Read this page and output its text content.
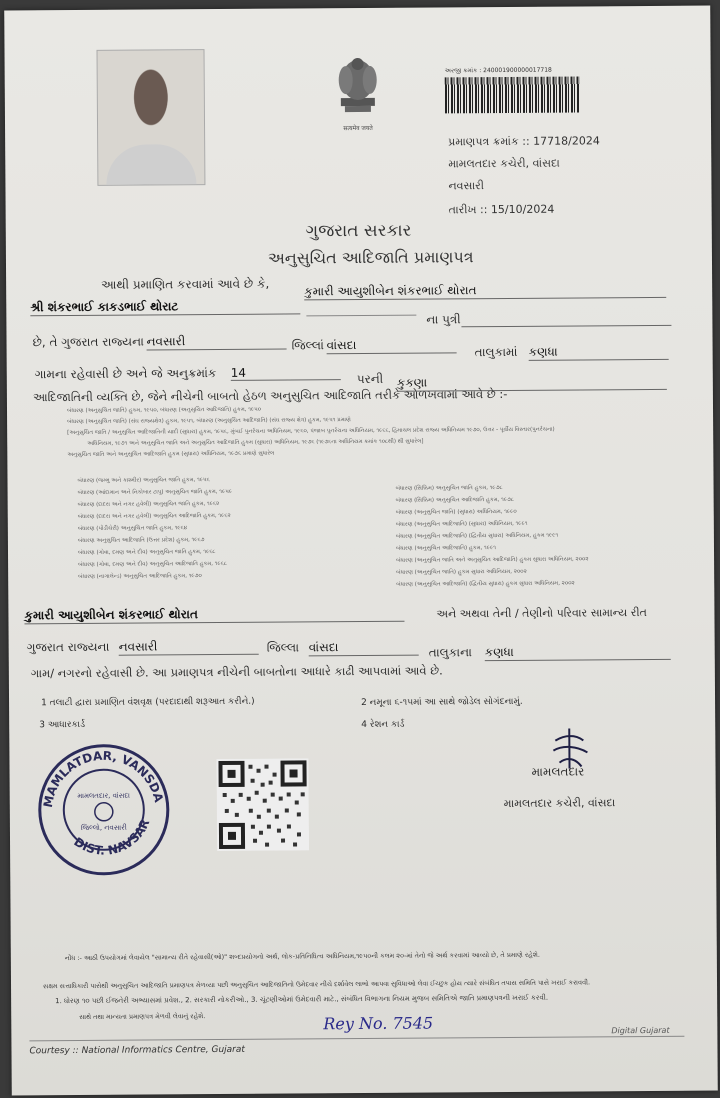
सत्यमेव जयते
અરજી ક્રમાંક : 240001900000017718
પ્રમાણપત્ર ક્રમાંક :: 17718/2024
મામલતદાર કચેરી, વાંસદા
નવસારી
તારીખ :: 15/10/2024
ગુજરાત સરકાર
અનુસુચિત આદિજાતિ પ્રમાણપત્ર
આથી પ્રમાણિત કરવામાં આવે છે કે,	કુમારી આયુશીબેન શંકરભાઈ થોરાત
શ્રી શંકરભાઈ કાકડભાઈ થોરાટ
ના પુત્રી
છે, તે ગુજરાત રાજ્યના નવસારી	જિલ્લાં વાંસદા	તાલુકામાં કણધા
ગામના રહેવાસી છે અને જે અનુક્રમાંક 14	પરની કુકણા
આદિજાતિની વ્યક્તિ છે, જેને નીચેની બાબતો હેઠળ અનુસુચિત આદિજાતિ તરીકે ઓળખવામાં આવે છે :-
બંધારણ (અનુસુચિત જાતિ) હુકમ, ૧૯૫૦, બંધારણ (અનુસુચિત આદિજાતિ) હુકમ, ૧૯૫૦
બંધારણ (અનુસુચિત જાતિ) (સંઘ રાજ્યક્ષેત્ર) હુકમ, ૧૯૫૧, બંધારણ (અનુસુચિત આદિજાતિ) (સંઘ રાજ્ય ક્ષેત્ર) હુકમ, ૧૯૫૧ પ્રમાણે
[અનુસુચિત જાતિ / અનુસુચિત આદિજાતિની યાદી (સુધારા) હુકમ, ૧૯૫૬, મુંબઈ પુનર્રચના અધિનિયમ, ૧૯૬૦, પંજાબ પુનર્રચના અધિનિયમ, ૧૯૬૬, હિમાચલ પ્રદેશ રાજ્ય અધિનિયમ ૧૯૭૦, ઉત્તર - પૂર્વીય વિસ્તાર(પુનર્રચના)
અધિનિયમ, ૧૯૭૧ અને અનુસુચિત જાતિ અને અનુસુચિત આદિજાતિ હુકમ (સુધારા) અધિનિયમ, ૧૯૭૬ (૧૯૭૬ના અધિનિયમ ક્રમાંક ૧૦૮થી) થી સુધારેલ]
અનુસુચિત જાતિ અને અનુસુચિત આદિજાતિ હુકમ (સુધારા) અધિનિયમ, ૧૯૭૬ પ્રમાણે સુધારેલ
બંધારણ (જમ્મુ અને કાશ્મીર) અનુસુચિત જાતિ હુકમ, ૧૯૫૬
બંધારણ (આંદામાન અને નિકોબાર ટાપુ) અનુસુચિત જાતિ હુકમ, ૧૯૫૯
બંધારણ (દાદરા અને નગર હવેલી) અનુસુચિત જાતિ હુકમ, ૧૯૬૨
બંધારણ (દાદરા અને નગર હવેલી) અનુસુચિત આદિજાતિ હુકમ, ૧૯૬૨
બંધારણ (પોંડીચેરી) અનુસુચિત જાતિ હુકમ, ૧૯૬૪
બંધારણ અનુસુચિત આદિજાતિ (ઉત્તર પ્રદેશ) હુકમ, ૧૯૬૭
બંધારણ (ગોવા, દમણ અને દીવ) અનુસુચિત જાતિ હુકમ, ૧૯૬૮
બંધારણ (ગોવા, દમણ અને દીવ) અનુસુચિત આદિજાતિ હુકમ, ૧૯૬૮
બંધારણ (નાગાલેન્ડ) અનુસુચિત આદિજાતિ હુકમ, ૧૯૭૦
બંધારણ (સિક્કિમ) અનુસુચિત જાતિ હુકમ, ૧૯૭૮
બંધારણ (સિક્કિમ) અનુસુચિત આદિજાતિ હુકમ, ૧૯૭૮
બંધારણ (અનુસુચિત જાતિ) (સુધારા) અધિનિયમ, ૧૯૯૦
બંધારણ (અનુસુચિત આદિજાતિ) (સુધારા) અધિનિયમ, ૧૯૯૧
બંધારણ (અનુસુચિત આદિજાતિ) (દ્વિતીય સુધારા) અધિનિયમ, હુકમ ૧૯૯૧
બંધારણ (અનુસુચિત આદિજાતિ) હુકમ, ૧૯૯૧
બંધારણ (અનુસુચિત જાતિ અને અનુસુચિત આદિજાતિ) હુકમ સુધારા અધિનિયમ, ૨૦૦૨
બંધારણ (અનુસુચિત જાતિ) હુકમ સુધારા અધિનિયમ, ૨૦૦૨
બંધારણ (અનુસુચિત આદિજાતિ) (દ્વિતીય સુધારા) હુકમ સુધારા અધિનિયમ, ૨૦૦૨
કુમારી આયુશીબેન શંકરભાઈ થોરાત	અને અથવા તેની / તેણીનો પરિવાર સામાન્ય રીત
ગુજરાત રાજ્યના નવસારી	જિલ્લા વાંસદા	તાલુકાના કણધા
ગામ/ નગરનો રહેવાસી છે. આ પ્રમાણપત્ર નીચેની બાબતોના આધારે કાઢી આપવામાં આવે છે.
1 તલાટી દ્વારા પ્રમાણિત વંશવૃક્ષ (પરદાદાથી શરૂઆત કરીને.)	2 નમૂના ૬-૧૫માં આ સાથે જોડેલ સોગંદનામું.
3 આધારકાર્ડ	4 રેશન કાર્ડ
MAMLATDAR, VANSDA
DIST. NAVSARI
મામલતદાર, વાંસદા
જિલ્લો, નવસારી
મામલતદાર
મામલતદાર કચેરી, વાંસદા
નોંધ :- આઠી ઉપયોગમાં લેવાયેલ "સામાન્ય રીતે રહેવાસી(ઓ)" શબ્દપ્રયોગનો અર્થ, લોક-પ્રતિનિધિત્વ અધિનિયમ,૧૯૫૦ની કલમ ૨૦-માં તેનો જે અર્થ કરવામાં આવ્યો છે, તે પ્રમાણે રહેશે.
સક્ષમ સત્તાધિકારી પાસેથી અનુસુચિત આદિજાતિ પ્રમાણપત્ર મેળવ્યા પછી અનુસુચિત આદિજાતિનો ઉમેદવાર નીચે દર્શાવેલ લાભો આપવા સુવિધાઓ લેવા ઈચ્છુક હોય ત્યારે સંબંધિત તપાસ સમિતિ પાસે ખરાઈ કરાવવી.
1. ધોરણ ૧૦ પછી ઈજનેરી અભ્યાસમાં પ્રવેશ., 2. સરકારી નોકરીઓ., 3. ચૂંટણીઓમાં ઉમેદવારી માટે., સંબંધિત વિભાગના નિયમ મુજબ સમિતિએ જાતિ પ્રમાણપત્રની ખરાઈ કરવી.
સાથે તથા માન્યતા પ્રમાણપત્ર મેળવી લેવાનું રહેશે.	Rey No. 7545
Courtesy :: National Informatics Centre, Gujarat
Digital Gujarat
